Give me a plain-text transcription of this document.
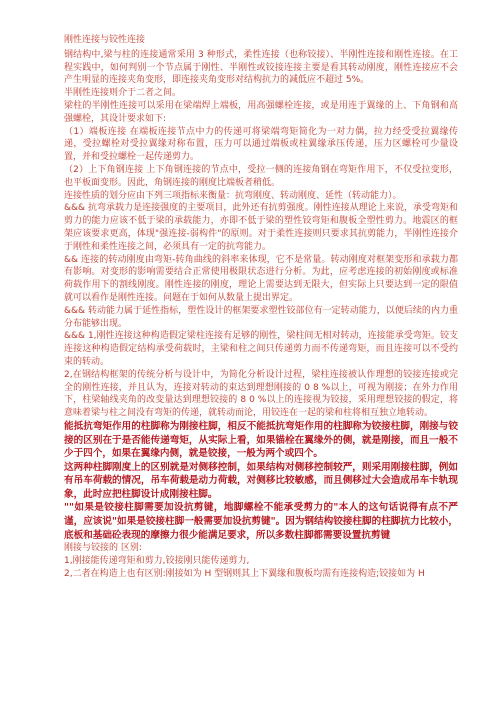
刚性连接与铰性连接

钢结构中,梁与柱的连接通常采用 3 种形式，柔性连接（也称铰接）、半刚性连接和刚性连接。在工程实践中，如何判别一个节点属于刚性、半刚性或铰接连接主要是看其转动刚度，刚性连接应不会产生明显的连接夹角变形，即连接夹角变形对结构抗力的减低应不超过 5%。

半刚性连接则介于二者之间。

梁柱的半刚性连接可以采用在梁端焊上端板，用高强螺栓连接，或是用连于翼缘的上、下角钢和高强螺栓，其设计要求如下:

（1）端板连接 在端板连接节点中力的传递可将梁端弯矩简化为一对力偶，拉力经受受拉翼缘传递，受拉螺栓对受拉翼缘对称布置，压力可以通过端板或柱翼缘承压传递，压力区螺栓可少量设置，并和受拉螺栓一起传递剪力。

（2）上下角钢连接 上下角钢连接的节点中，受拉一侧的连接角钢在弯矩作用下，不仅受拉变形，也平板面变形。因此，角钢连接的刚度比端板者稍低。

连接性质的划分应由下列三项指标来衡量：抗弯刚度、转动刚度、延性（转动能力）。

&&& 抗弯承载力是连接强度的主要项目，此外还有抗剪强度。刚性连接从理论上来说，承受弯矩和剪力的能力应该不低于梁的承载能力，亦即不低于梁的塑性铰弯矩和腹板全塑性剪力。地震区的框架应该要求更高，体现"强连接-弱构件"的原则。对于柔性连接则只要求其抗剪能力，半刚性连接介于刚性和柔性连接之间，必须具有一定的抗弯能力。

&& 连接的转动刚度由弯矩-转角曲线的斜率来体现，它不是常量。转动刚度对框架变形和承载力都有影响。对变形的影响需要结合正常使用极限状态进行分析。为此，应考虑连接的初始刚度或标准荷载作用下的割线刚度。刚性连接的刚度，理论上需要达到无限大，但实际上只要达到一定的限值就可以看作是刚性连接。问题在于如何从数量上提出界定。

&&& 转动能力属于延性指标，塑性设计的框架要求塑性铰部位有一定转动能力，以便后续的内力重分布能够出现。

&&& 1,刚性连接这种构造假定梁柱连接有足够的刚性，梁柱间无相对转动，连接能承受弯矩。铰支连接这种构造假定结构承受荷载时，主梁和柱之间只传递剪力而不传递弯矩，而且连接可以不受约束的转动。

2,在钢结构框架的传统分析与设计中，为简化分析设计过程，梁柱连接被认作理想的铰接连接或完全的刚性连接，并且认为，连接对转动的束达到理想刚接的 0 8 %以上，可视为刚接；在外力作用下，柱梁轴线夹角的改变量达到理想铰接的 8 0 %以上的连接视为铰接，采用理想铰接的假定，将意味着梁与柱之间没有弯矩的传递，就转动而论，用铰连在一起的梁和柱将相互独立地转动。

能抵抗弯矩作用的柱脚称为刚接柱脚，相反不能抵抗弯矩作用的柱脚称为铰接柱脚，刚接与铰接的区别在于是否能传递弯矩，从实际上看，如果锚栓在翼缘外的侧，就是刚接，而且一般不少于四个，如果在翼缘内侧，就是铰接，一般为两个或四个。

这两种柱脚刚度上的区别就是对侧移控制，如果结构对侧移控制较严，则采用刚接柱脚，例如有吊车荷载的情况，吊车荷载是动力荷载，对侧移比较敏感，而且侧移过大会造成吊车卡轨现象，此时应把柱脚设计成刚接柱脚。

""如果是铰接柱脚需要加设抗剪键，地脚螺栓不能承受剪力的"本人的这句话说得有点不严谨，应该说"如果是铰接柱脚一般需要加设抗剪键"。因为钢结构铰接柱脚的柱脚抗力比较小，底板和基础砼表现的摩擦力很少能满足要求，所以多数柱脚都需要设置抗剪键

刚接与铰接的 区别:

1,刚接能传递弯矩和剪力,铰接刚只能传递剪力,

2,二者在构造上也有区别:刚接如为 H 型钢则其上下翼缘和腹板均需有连接构造;铰接如为 H
